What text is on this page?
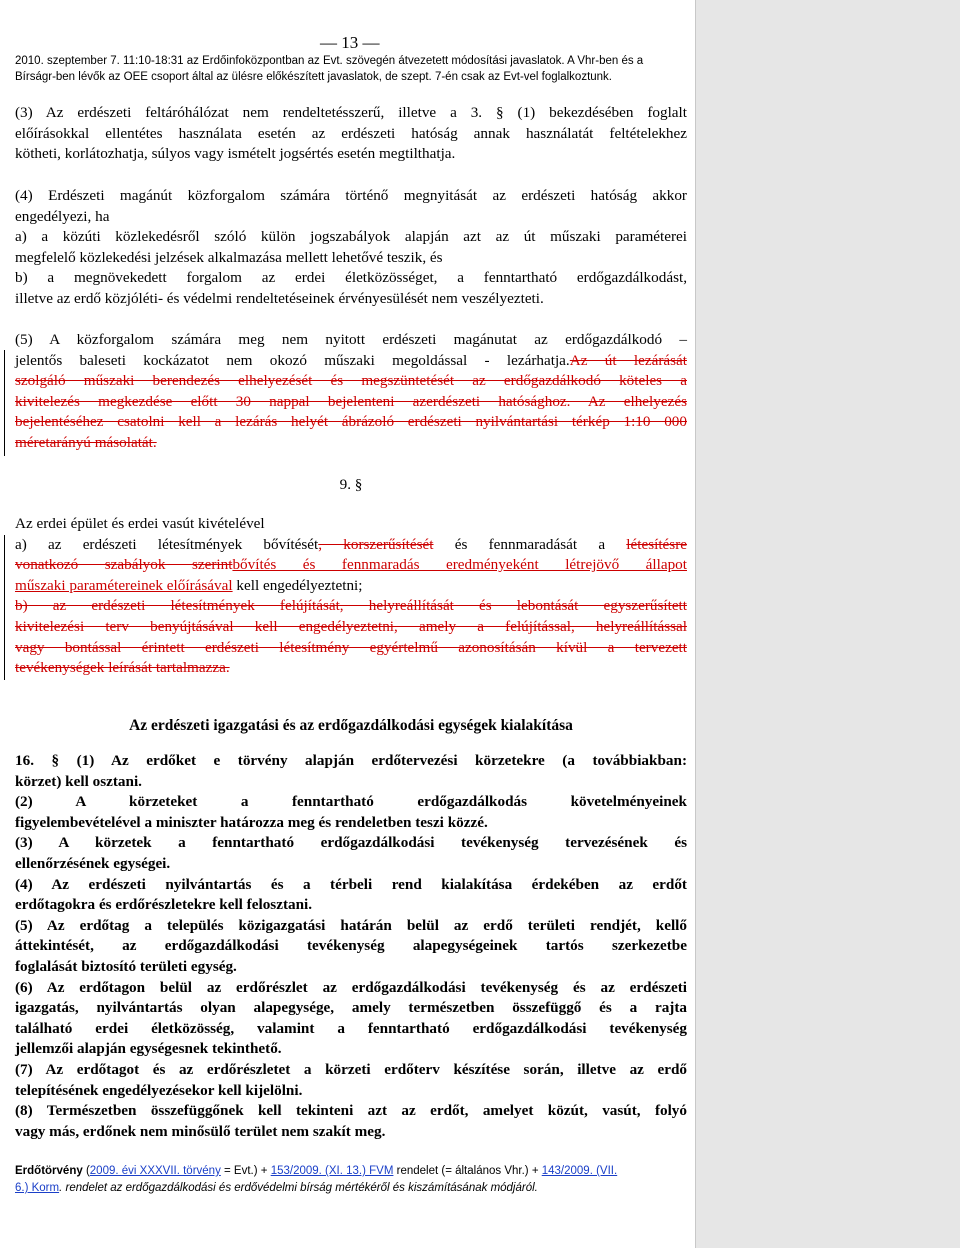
— 13 —
2010. szeptember 7. 11:10-18:31 az Erdőinfoközpontban az Evt. szövegén átvezetett módosítási javaslatok. A Vhr-ben és a
Bírságr-ben lévők az OEE csoport által az ülésre előkészített javaslatok, de szept. 7-én csak az Evt-vel foglalkoztunk.
(3) Az erdészeti feltáróhálózat nem rendeltetésszerű, illetve a 3. § (1) bekezdésében foglalt
előírásokkal ellentétes használata esetén az erdészeti hatóság annak használatát feltételekhez
kötheti, korlátozhatja, súlyos vagy ismételt jogsértés esetén megtilthatja.
(4) Erdészeti magánút közforgalom számára történő megnyitását az erdészeti hatóság akkor
engedélyezi, ha
a) a közúti közlekedésről szóló külön jogszabályok alapján azt az út műszaki paraméterei
megfelelő közlekedési jelzések alkalmazása mellett lehetővé teszik, és
b) a megnövekedett forgalom az erdei életközösséget, a fenntartható erdőgazdálkodást,
illetve az erdő közjóléti- és védelmi rendeltetéseinek érvényesülését nem veszélyezteti.
(5) A közforgalom számára meg nem nyitott erdészeti magánutat az erdőgazdálkodó –
jelentős baleseti kockázatot nem okozó műszaki megoldással - lezárhatja.Az út lezárását
szolgáló műszaki berendezés elhelyezését és megszüntetését az erdőgazdálkodó köteles a
kivitelezés megkezdése előtt 30 nappal bejelenteni azerdészeti hatósághoz. Az elhelyezés
bejelentéséhez csatolni kell a lezárás helyét ábrázoló erdészeti nyilvántartási térkép 1:10 000
méretarányú másolatát.
9. §
Az erdei épület és erdei vasút kivételével
a) az erdészeti létesítmények bővítését, korszerűsítését és fennmaradását a létesítésre
vonatkozó szabályok szerintbővítés és fennmaradás eredményeként létrejövő állapot
műszaki paramétereinek előírásával kell engedélyeztetni;
b) az erdészeti létesítmények felújítását, helyreállítását és lebontását egyszerűsített
kivitelezési terv benyújtásával kell engedélyeztetni, amely a felújítással, helyreállítással
vagy bontással érintett erdészeti létesítmény egyértelmű azonosításán kívül a tervezett
tevékenységek leírását tartalmazza.
Az erdészeti igazgatási és az erdőgazdálkodási egységek kialakítása
16. § (1) Az erdőket e törvény alapján erdőtervezési körzetekre (a továbbiakban:
körzet) kell osztani.
(2) A körzeteket a fenntartható erdőgazdálkodás követelményeinek
figyelembevételével a miniszter határozza meg és rendeletben teszi közzé.
(3) A körzetek a fenntartható erdőgazdálkodási tevékenység tervezésének és
ellenőrzésének egységei.
(4) Az erdészeti nyilvántartás és a térbeli rend kialakítása érdekében az erdőt
erdőtagokra és erdőrészletekre kell felosztani.
(5) Az erdőtag a település közigazgatási határán belül az erdő területi rendjét, kellő
áttekintését, az erdőgazdálkodási tevékenység alapegységeinek tartós szerkezetbe
foglalását biztosító területi egység.
(6) Az erdőtagon belül az erdőrészlet az erdőgazdálkodási tevékenység és az erdészeti
igazgatás, nyilvántartás olyan alapegysége, amely természetben összefüggő és a rajta
található erdei életközösség, valamint a fenntartható erdőgazdálkodási tevékenység
jellemzői alapján egységesnek tekinthető.
(7) Az erdőtagot és az erdőrészletet a körzeti erdőterv készítése során, illetve az erdő
telepítésének engedélyezésekor kell kijelölni.
(8) Természetben összefüggőnek kell tekinteni azt az erdőt, amelyet közút, vasút, folyó
vagy más, erdőnek nem minősülő terület nem szakít meg.
Erdőtörvény (2009. évi XXXVII. törvény = Evt.) + 153/2009. (XI. 13.) FVM rendelet (= általános Vhr.) + 143/2009. (VII.
6.) Korm. rendelet az erdőgazdálkodási és erdővédelmi bírság mértékéről és kiszámításának módjáról.
